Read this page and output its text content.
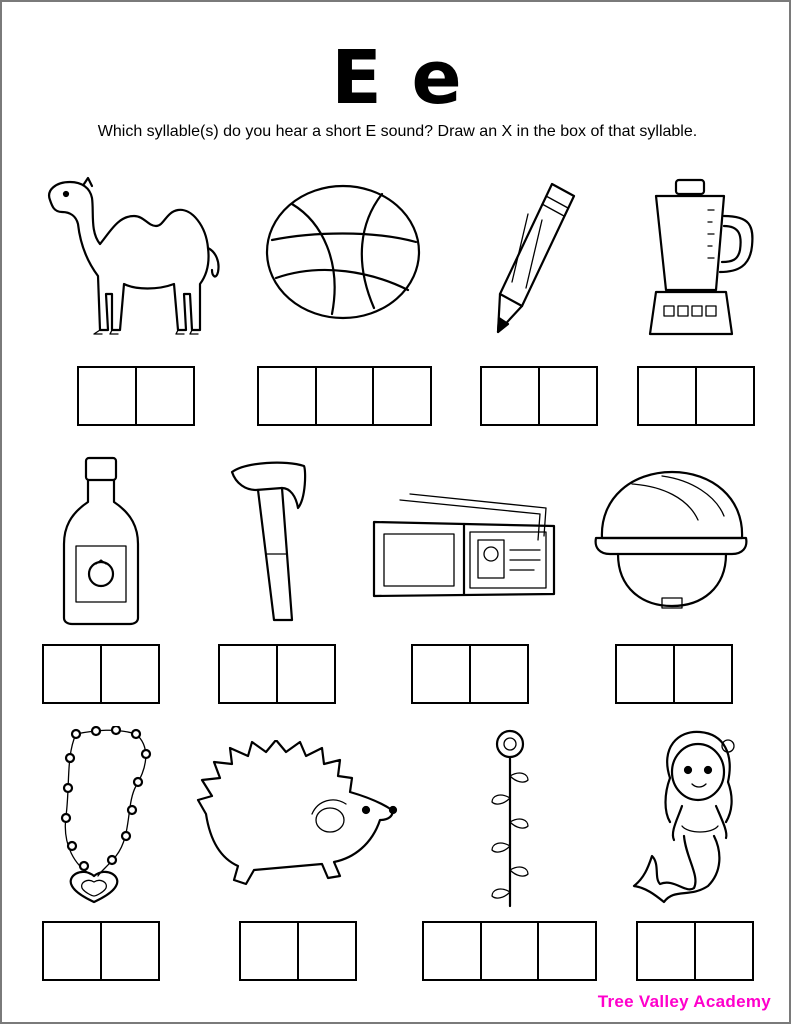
E e
Which syllable(s) do you hear a short E sound? Draw an X in the box of that syllable.
Tree Valley Academy
